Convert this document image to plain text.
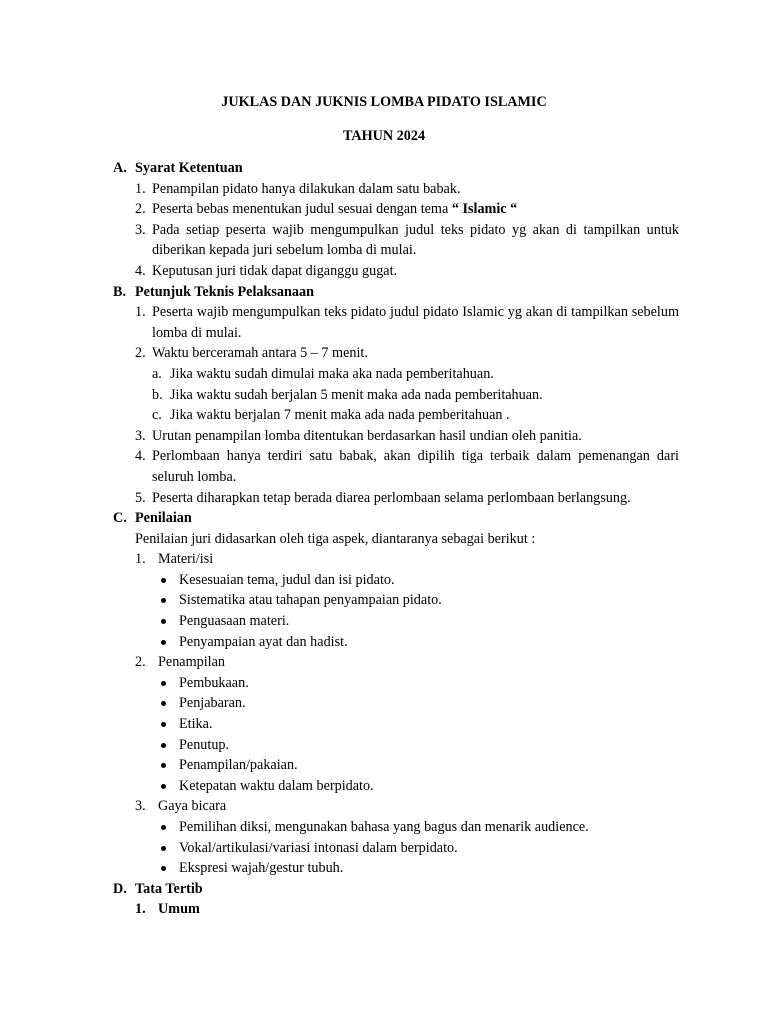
JUKLAS DAN JUKNIS LOMBA PIDATO ISLAMIC
TAHUN 2024
A. Syarat Ketentuan
1. Penampilan pidato hanya dilakukan dalam satu babak.
2. Peserta bebas menentukan judul sesuai dengan tema “ Islamic “
3. Pada setiap peserta wajib mengumpulkan judul teks pidato yg akan di tampilkan untuk diberikan kepada juri sebelum lomba di mulai.
4. Keputusan juri tidak dapat diganggu gugat.
B. Petunjuk Teknis Pelaksanaan
1. Peserta wajib mengumpulkan teks pidato judul pidato Islamic yg akan di tampilkan sebelum lomba di mulai.
2. Waktu berceramah antara 5 – 7 menit.
a. Jika waktu sudah dimulai maka aka nada pemberitahuan.
b. Jika waktu sudah berjalan 5 menit maka ada nada pemberitahuan.
c. Jika waktu berjalan 7 menit maka ada nada pemberitahuan .
3. Urutan penampilan lomba ditentukan berdasarkan hasil undian oleh panitia.
4. Perlombaan hanya terdiri satu babak, akan dipilih tiga terbaik dalam pemenangan dari seluruh lomba.
5. Peserta diharapkan tetap berada diarea perlombaan selama perlombaan berlangsung.
C. Penilaian
Penilaian juri didasarkan oleh tiga aspek, diantaranya sebagai berikut :
1. Materi/isi
Kesesuaian tema, judul dan isi pidato.
Sistematika atau tahapan penyampaian pidato.
Penguasaan materi.
Penyampaian ayat dan hadist.
2. Penampilan
Pembukaan.
Penjabaran.
Etika.
Penutup.
Penampilan/pakaian.
Ketepatan waktu dalam berpidato.
3. Gaya bicara
Pemilihan diksi, mengunakan bahasa yang bagus dan menarik audience.
Vokal/artikulasi/variasi intonasi dalam berpidato.
Ekspresi wajah/gestur tubuh.
D. Tata Tertib
1. Umum
